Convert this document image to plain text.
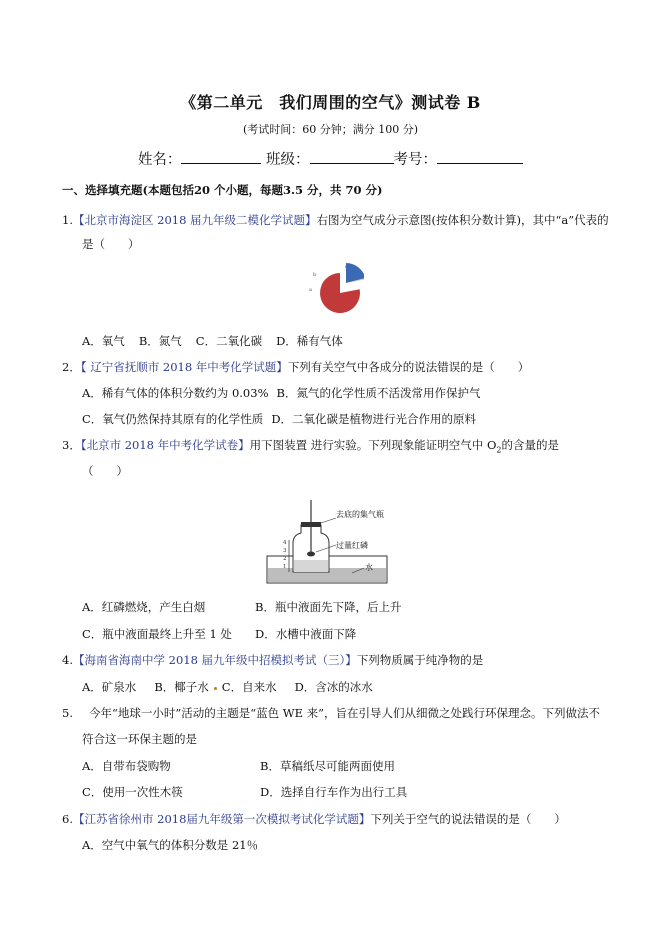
《第二单元　我们周围的空气》测试卷 B
(考试时间：60 分钟；满分 100 分)
姓名：	班级：	考号：
一、选择填充题(本题包括20 个小题，每题3.5 分，共 70 分)
1.【北京市海淀区 2018 届九年级二模化学试题】右图为空气成分示意图(按体积分数计算)，其中“a”代表的
是（　　）
a
b
c
A．氧气 B．氮气 C．二氧化碳 D．稀有气体
2．【 辽宁省抚顺市 2018 年中考化学试题】下列有关空气中各成分的说法错误的是（　　）
A．稀有气体的体积分数约为 0.03% B．氮气的化学性质不活泼常用作保护气
C．氧气仍然保持其原有的化学性质 D．二氧化碳是植物进行光合作用的原料
3．【北京市 2018 年中考化学试卷】用下图装置 进行实验。下列现象能证明空气中 $O_2$的含量的是
（　　）
4
3
2
1
去底的集气瓶
过量红磷
水
A．红磷燃烧，产生白烟	B．瓶中液面先下降，后上升
C．瓶中液面最终上升至 1 处 D．水槽中液面下降
4.【海南省海南中学 2018 届九年级中招模拟考试（三）】下列物质属于纯净物的是
A．矿泉水 B．椰子水 C．自来水 D．含冰的冰水
5. 今年“地球一小时”活动的主题是“蓝色 WE 来”，旨在引导人们从细微之处践行环保理念。下列做法不
符合这一环保主题的是
A．自带布袋购物	B．草稿纸尽可能两面使用
C．使用一次性木筷	D．选择自行车作为出行工具
6.【江苏省徐州市 2018届九年级第一次模拟考试化学试题】下列关于空气的说法错误的是（　　）
A．空气中氧气的体积分数是 21％
